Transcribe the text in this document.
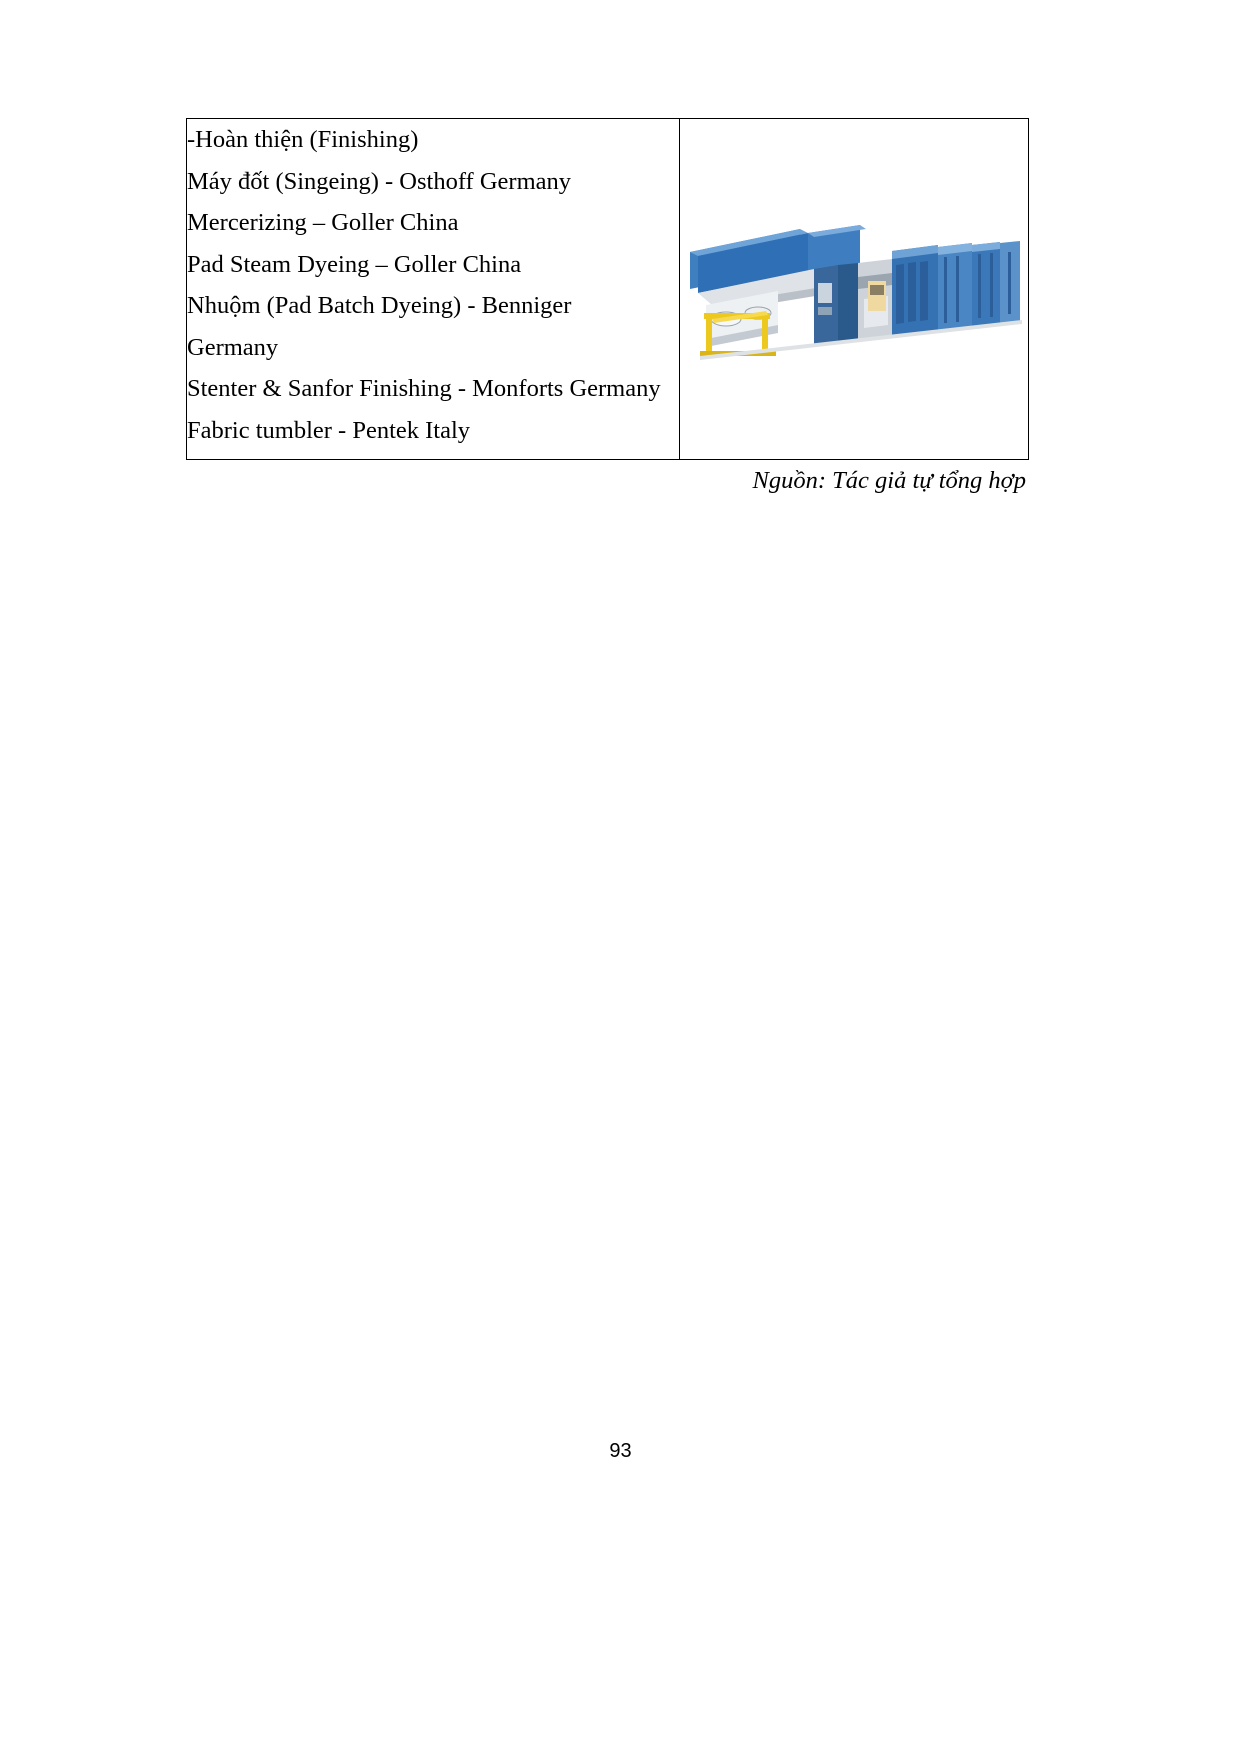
-Hoàn thiện (Finishing)
Máy đốt (Singeing) - Osthoff Germany
Mercerizing – Goller China
Pad Steam Dyeing – Goller China
Nhuộm (Pad Batch Dyeing) - Benniger
Germany
Stenter & Sanfor Finishing - Monforts Germany
Fabric tumbler - Pentek Italy

Nguồn: Tác giả tự tổng hợp
93
